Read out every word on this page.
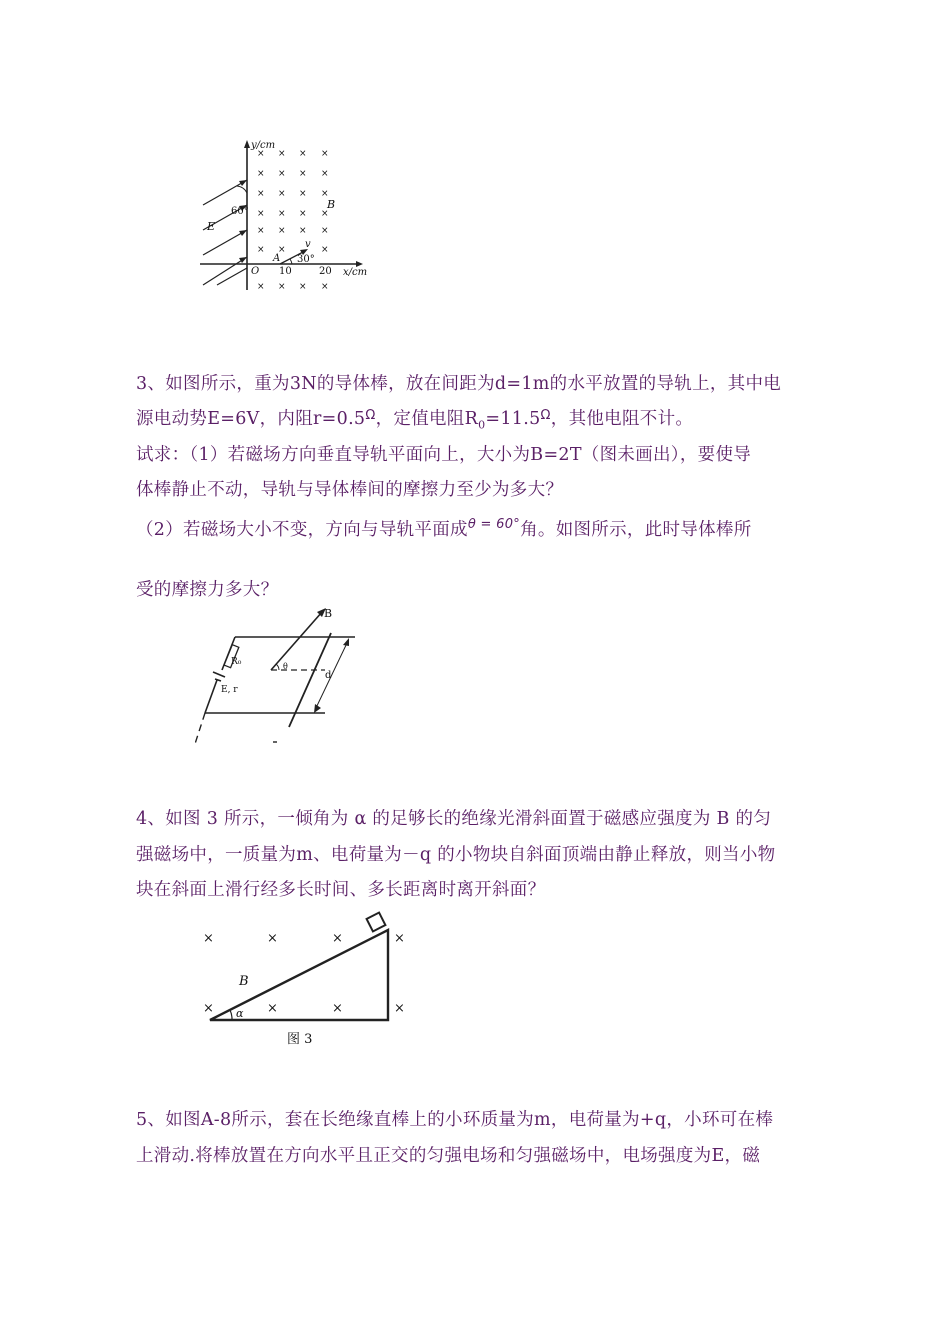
× × × ×
× × × ×
× × × ×
× × × ×
× × × ×
× ×	×
× × × ×
y/cm
x/cm
O 10	20
60°
30°
E
B
A
v
3、如图所示，重为3N的导体棒，放在间距为d=1m的水平放置的导轨上，其中电
源电动势E=6V，内阻$r=0.5^\Omega$，定值电阻$R_0=11.5^\Omega$，其他电阻不计。
试求：（1）若磁场方向垂直导轨平面向上，大小为B=2T（图未画出），要使导
体棒静止不动，导轨与导体棒间的摩擦力至少为多大？
（2）若磁场大小不变，方向与导轨平面成$^{\theta = 60^\circ}$角。如图所示，此时导体棒所
受的摩擦力多大？
B
R₀
E, r
θ
d
4、如图 3 所示，一倾角为 α 的足够长的绝缘光滑斜面置于磁感应强度为 B 的匀
强磁场中，一质量为m、电荷量为－q 的小物块自斜面顶端由静止释放，则当小物
块在斜面上滑行经多长时间、多长距离时离开斜面？
×	×	×	×
×	×	×	×
B
α
图 3
5、如图A-8所示，套在长绝缘直棒上的小环质量为m，电荷量为+q，小环可在棒
上滑动.将棒放置在方向水平且正交的匀强电场和匀强磁场中，电场强度为E，磁
